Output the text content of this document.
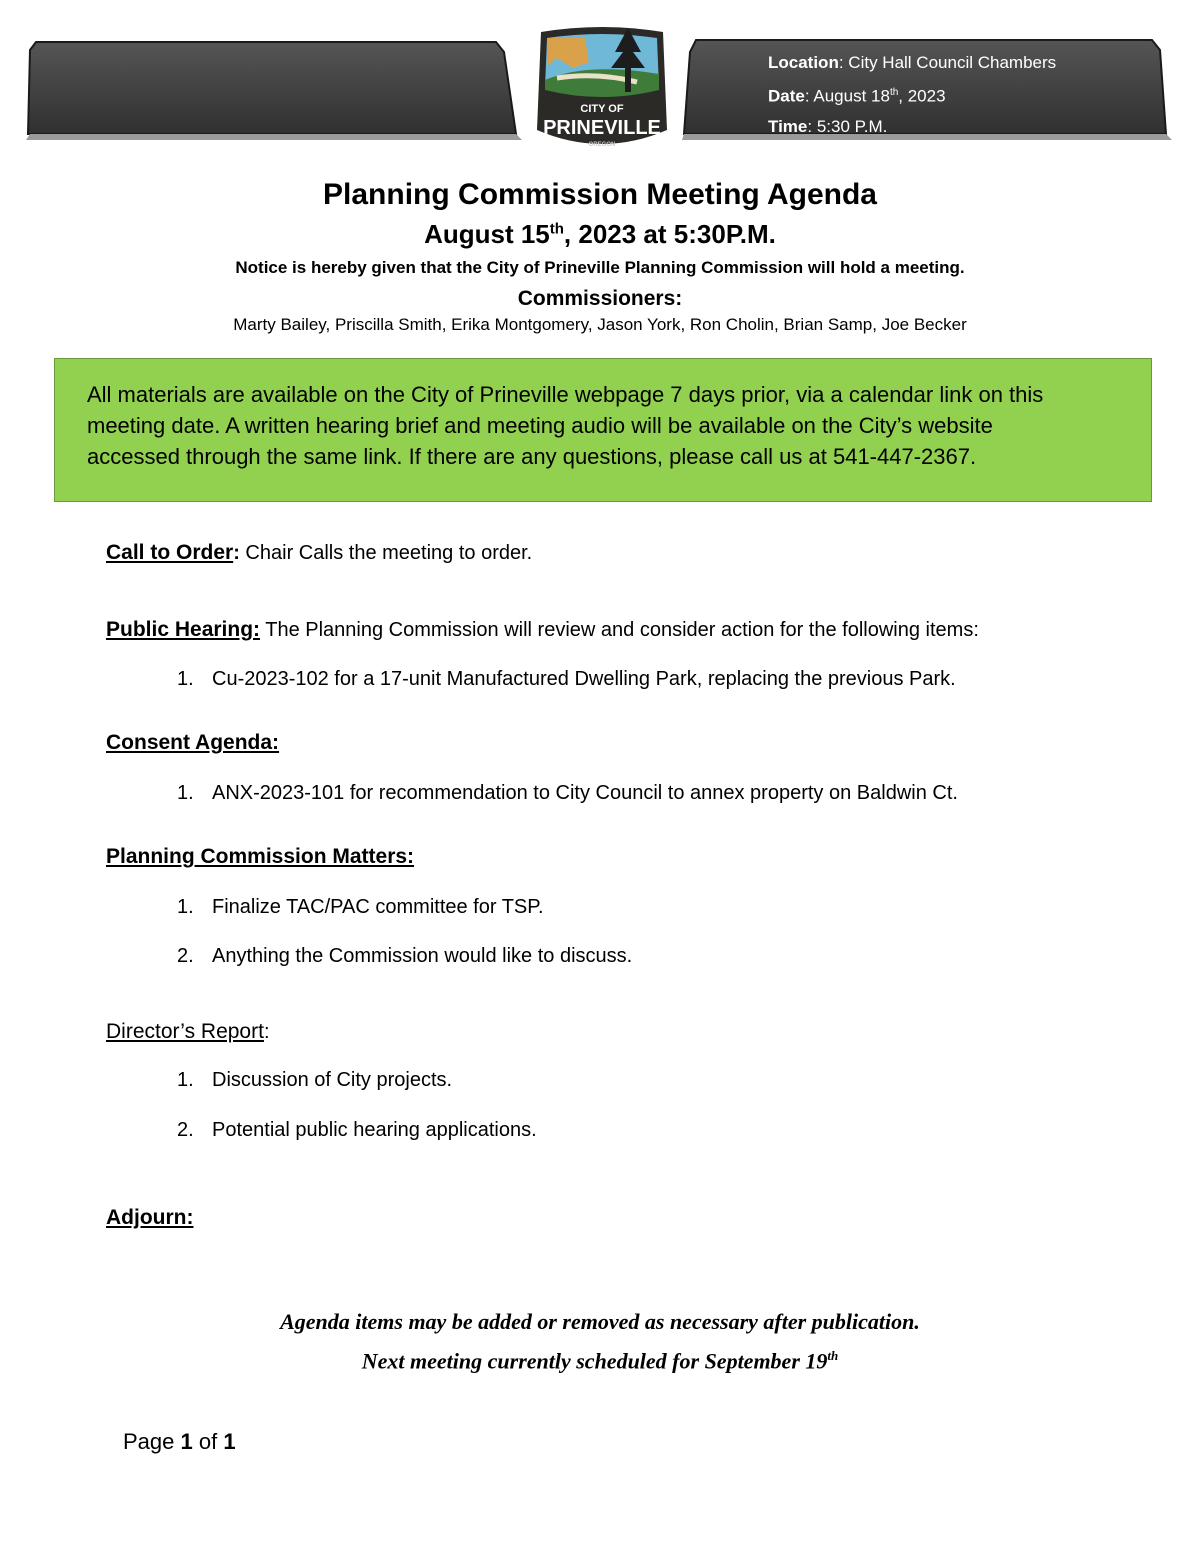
Location: City Hall Council Chambers
Date: August 18th, 2023
Time: 5:30 P.M.
CITY OF
PRINEVILLE
OREGON
Planning Commission Meeting Agenda
August 15th, 2023 at 5:30P.M.
Notice is hereby given that the City of Prineville Planning Commission will hold a meeting.
Commissioners:
Marty Bailey, Priscilla Smith, Erika Montgomery, Jason York, Ron Cholin, Brian Samp, Joe Becker
All materials are available on the City of Prineville webpage 7 days prior, via a calendar link on this
meeting date. A written hearing brief and meeting audio will be available on the City’s website
accessed through the same link. If there are any questions, please call us at 541-447-2367.
Call to Order: Chair Calls the meeting to order.
Public Hearing: The Planning Commission will review and consider action for the following items:
1. Cu-2023-102 for a 17-unit Manufactured Dwelling Park, replacing the previous Park.
Consent Agenda:
1. ANX-2023-101 for recommendation to City Council to annex property on Baldwin Ct.
Planning Commission Matters:
1. Finalize TAC/PAC committee for TSP.
2. Anything the Commission would like to discuss.
Director’s Report:
1. Discussion of City projects.
2. Potential public hearing applications.
Adjourn:
Agenda items may be added or removed as necessary after publication.
Next meeting currently scheduled for September 19th
Page 1 of 1
